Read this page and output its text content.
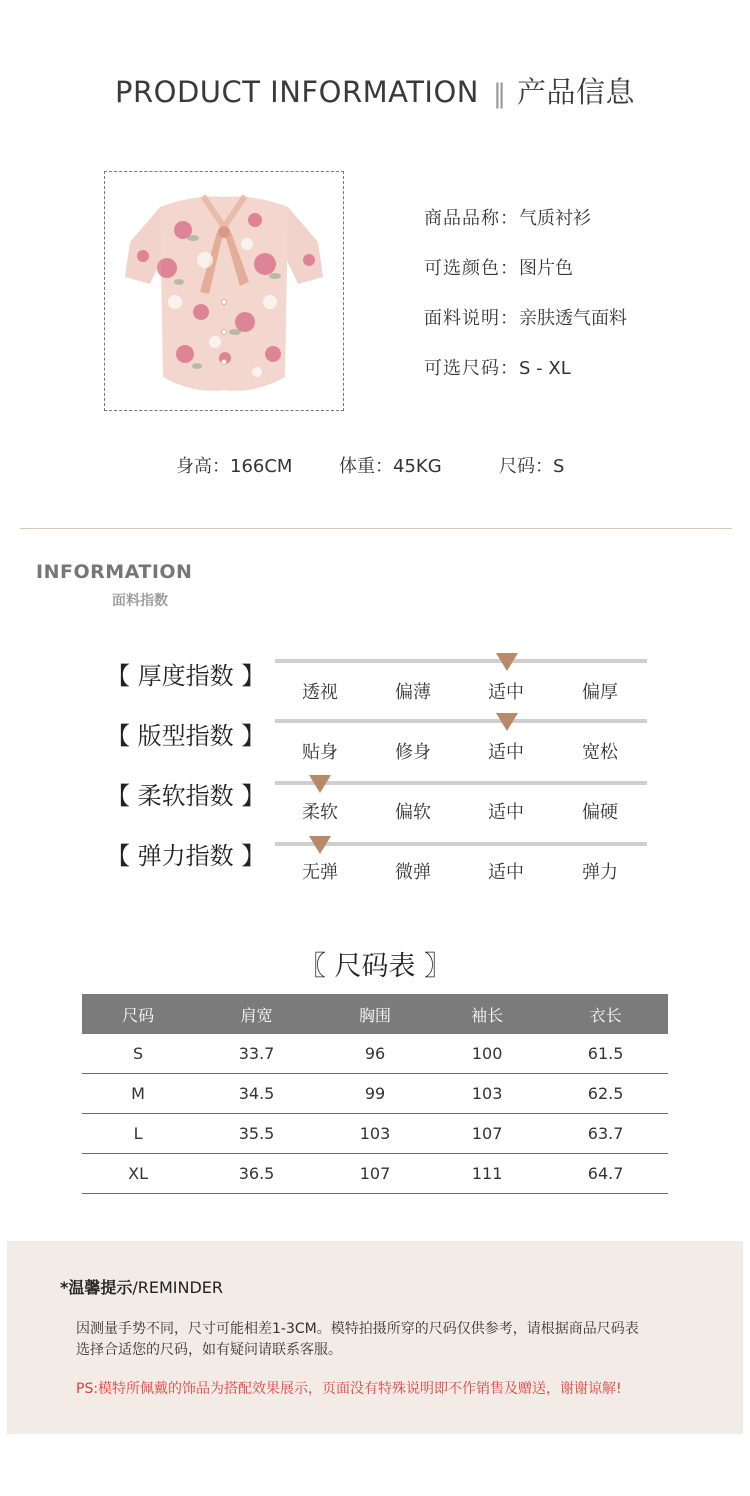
PRODUCT INFORMATION ‖ 产品信息
商品品称：气质衬衫
可选颜色：图片色
面料说明：亲肤透气面料
可选尺码：S - XL
身高：166CM	体重：45KG	尺码：S
INFORMATION
面料指数
【 厚度指数 】
透视	偏薄	适中	偏厚
【 版型指数 】
贴身	修身	适中	宽松
【 柔软指数 】
柔软	偏软	适中	偏硬
【 弹力指数 】
无弹	微弹	适中	弹力
〖 尺码表 〗
尺码	肩宽	胸围	袖长	衣长
S	33.7	96	100	61.5
M	34.5	99	103	62.5
L	35.5	103	107	63.7
XL	36.5	107	111	64.7
*温馨提示/REMINDER
因测量手势不同，尺寸可能相差1-3CM。模特拍摄所穿的尺码仅供参考，请根据商品尺码表
选择合适您的尺码，如有疑问请联系客服。
PS:模特所佩戴的饰品为搭配效果展示，页面没有特殊说明即不作销售及赠送，谢谢谅解!
